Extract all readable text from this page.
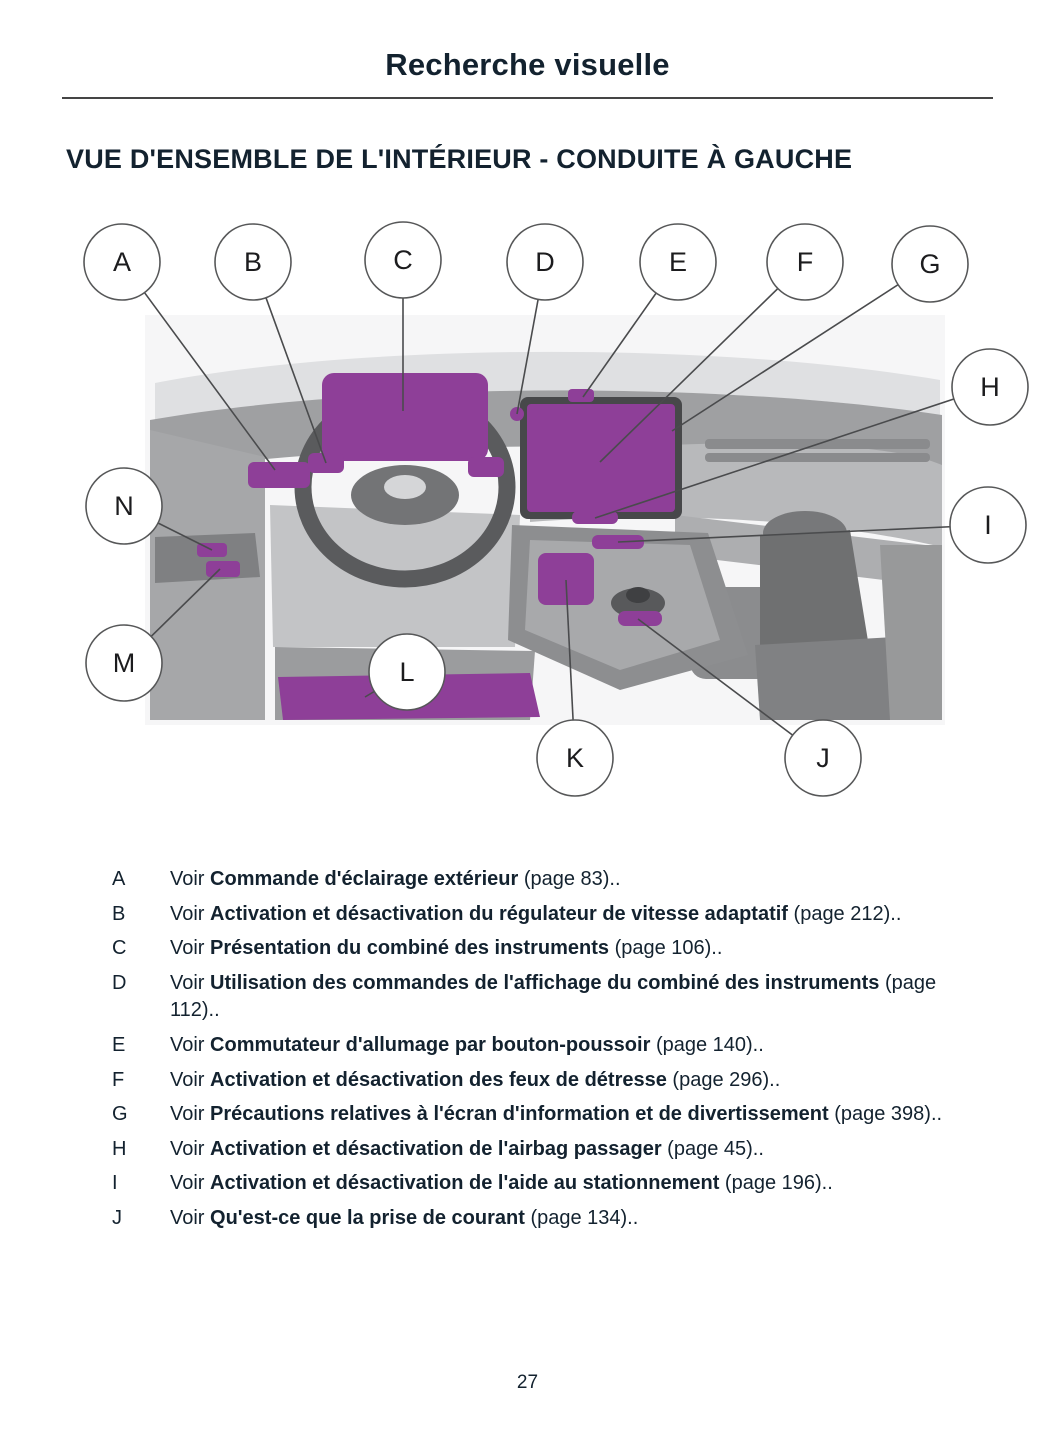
Recherche visuelle
VUE D'ENSEMBLE DE L'INTÉRIEUR - CONDUITE À GAUCHE
A	B	C	D	E	F	G
H
I
J
K
L
M
N
A	Voir Commande d'éclairage extérieur (page 83)..
B	Voir Activation et désactivation du régulateur de vitesse adaptatif (page 212)..
C	Voir Présentation du combiné des instruments (page 106)..
D	Voir Utilisation des commandes de l'affichage du combiné des instruments (page 112)..
E	Voir Commutateur d'allumage par bouton-poussoir (page 140)..
F	Voir Activation et désactivation des feux de détresse (page 296)..
G	Voir Précautions relatives à l'écran d'information et de divertissement (page 398)..
H	Voir Activation et désactivation de l'airbag passager (page 45)..
I	Voir Activation et désactivation de l'aide au stationnement (page 196)..
J	Voir Qu'est-ce que la prise de courant (page 134)..
27
